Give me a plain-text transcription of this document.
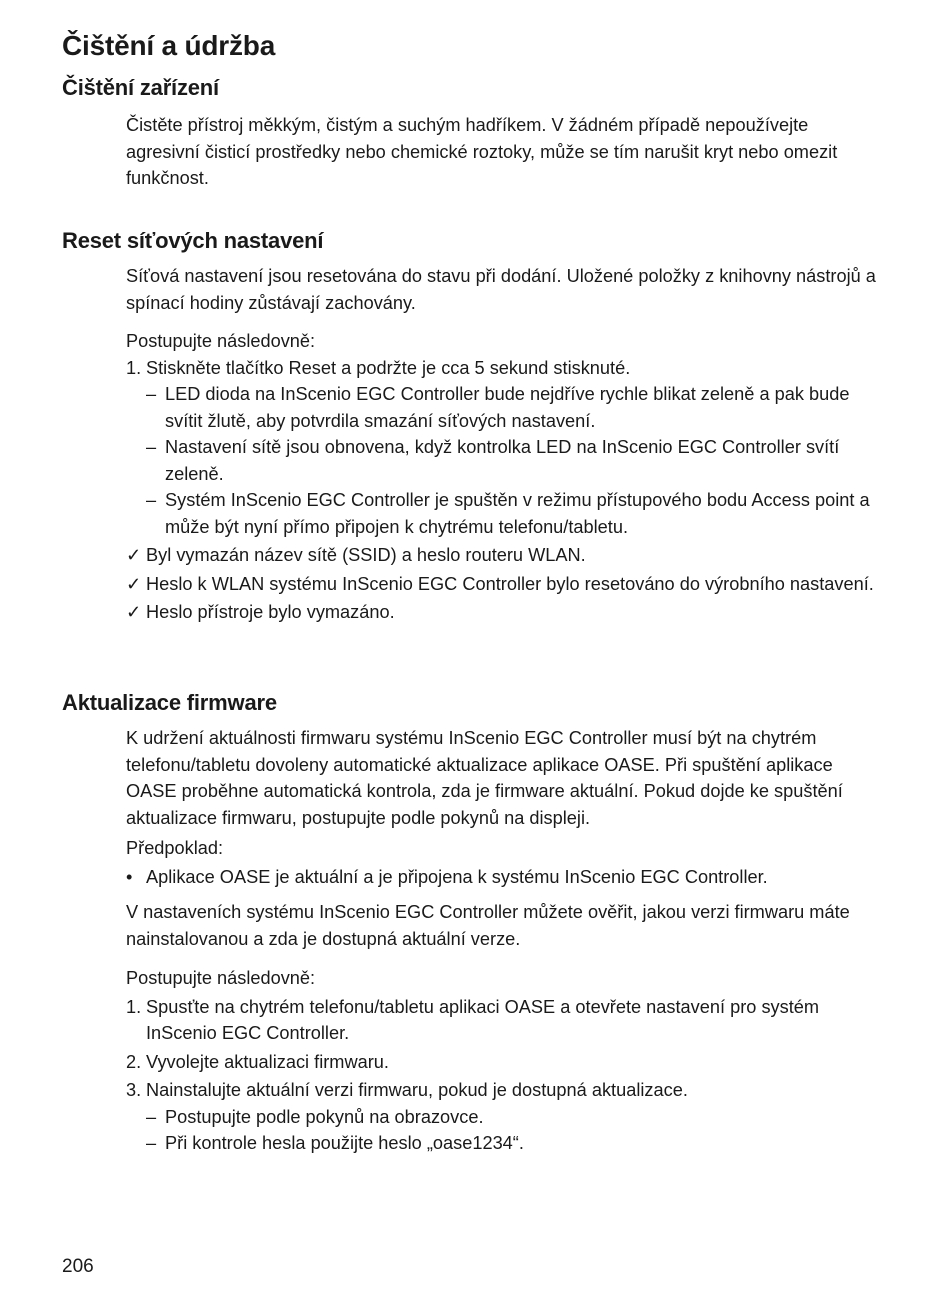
Čištění a údržba
Čištění zařízení

Čistěte přístroj měkkým, čistým a suchým hadříkem. V žádném případě nepoužívejte agresivní čisticí prostředky nebo chemické roztoky, může se tím narušit kryt nebo omezit funkčnost.

Reset síťových nastavení

Síťová nastavení jsou resetována do stavu při dodání. Uložené položky z knihovny nástrojů a spínací hodiny zůstávají zachovány.

Postupujte následovně:

1. Stiskněte tlačítko Reset a podržte je cca 5 sekund stisknuté.
– LED dioda na InScenio EGC Controller bude nejdříve rychle blikat zeleně a pak bude svítit žlutě, aby potvrdila smazání síťových nastavení.
– Nastavení sítě jsou obnovena, když kontrolka LED na InScenio EGC Controller svítí zeleně.
– Systém InScenio EGC Controller je spuštěn v režimu přístupového bodu Access point a může být nyní přímo připojen k chytrému telefonu/tabletu.
✓ Byl vymazán název sítě (SSID) a heslo routeru WLAN.
✓ Heslo k WLAN systému InScenio EGC Controller bylo resetováno do výrobního nastavení.
✓ Heslo přístroje bylo vymazáno.
Aktualizace firmware

K udržení aktuálnosti firmwaru systému InScenio EGC Controller musí být na chytrém telefonu/tabletu dovoleny automatické aktualizace aplikace OASE. Při spuštění aplikace OASE proběhne automatická kontrola, zda je firmware aktuální. Pokud dojde ke spuštění aktualizace firmwaru, postupujte podle pokynů na displeji.

Předpoklad:

• Aplikace OASE je aktuální a je připojena k systému InScenio EGC Controller.

V nastaveních systému InScenio EGC Controller můžete ověřit, jakou verzi firmwaru máte nainstalovanou a zda je dostupná aktuální verze.

Postupujte následovně:

1. Spusťte na chytrém telefonu/tabletu aplikaci OASE a otevřete nastavení pro systém InScenio EGC Controller.
2. Vyvolejte aktualizaci firmwaru.
3. Nainstalujte aktuální verzi firmwaru, pokud je dostupná aktualizace.
– Postupujte podle pokynů na obrazovce.
– Při kontrole hesla použijte heslo „oase1234“.
206
